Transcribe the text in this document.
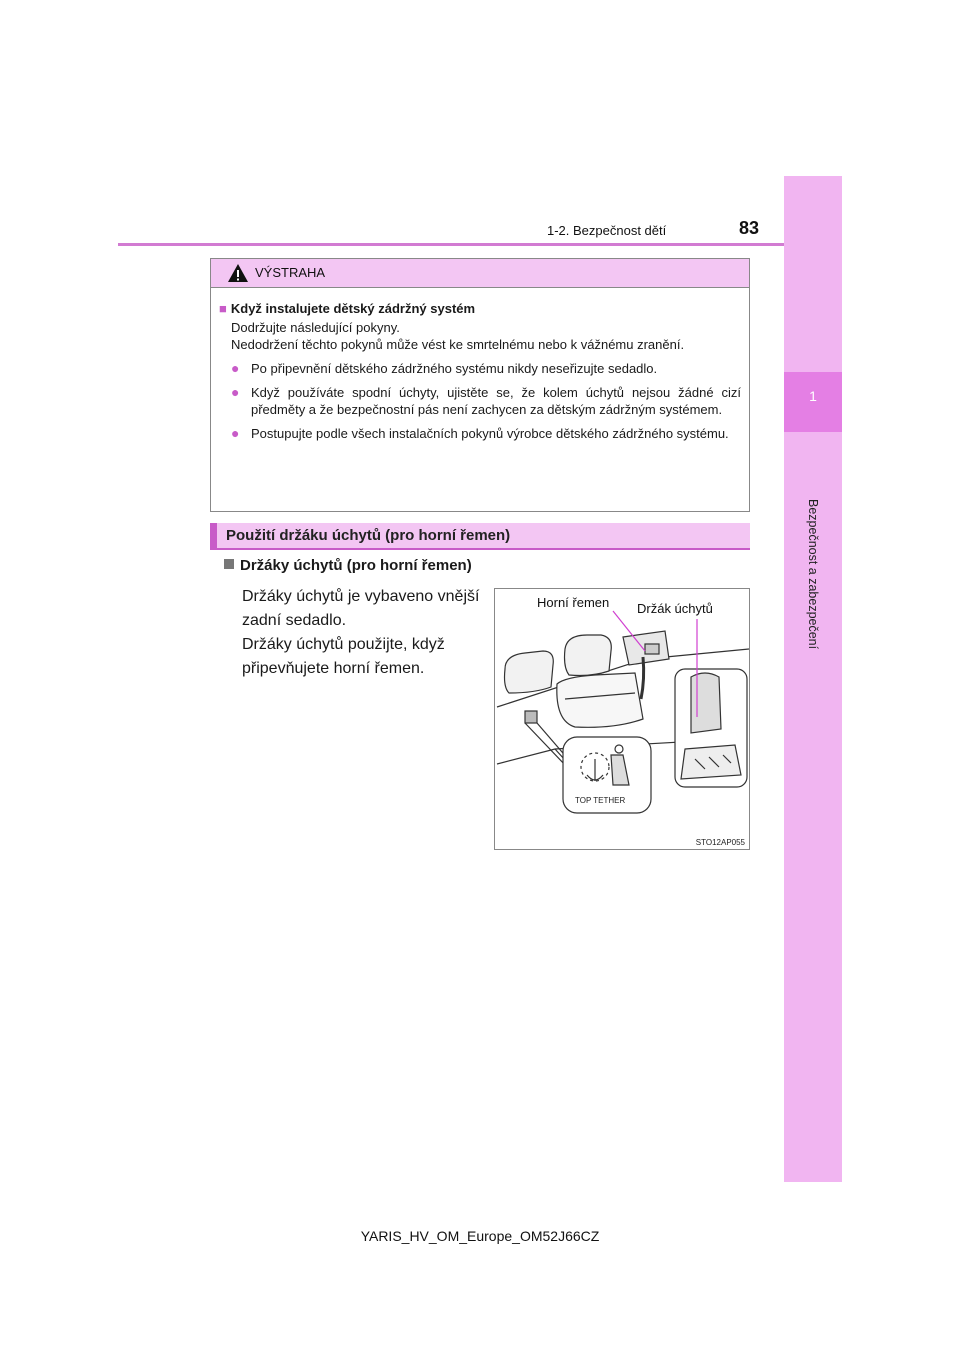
1
Bezpečnost a zabezpečení
1-2. Bezpečnost dětí	83
VÝSTRAHA
■ Když instalujete dětský zádržný systém
Dodržujte následující pokyny.
Nedodržení těchto pokynů může vést ke smrtelnému nebo k vážnému zranění.
● Po připevnění dětského zádržného systému nikdy neseřizujte sedadlo.
● Když používáte spodní úchyty, ujistěte se, že kolem úchytů nejsou žádné cizí předměty a že bezpečnostní pás není zachycen za dětským zádržným systémem.
● Postupujte podle všech instalačních pokynů výrobce dětského zádržného systému.
Použití držáku úchytů (pro horní řemen)
Držáky úchytů (pro horní řemen)
Držáky úchytů je vybaveno vnější zadní sedadlo.
Držáky úchytů použijte, když připevňujete horní řemen.
TOP TETHER
Horní řemen Držák úchytů
STO12AP055
YARIS_HV_OM_Europe_OM52J66CZ
